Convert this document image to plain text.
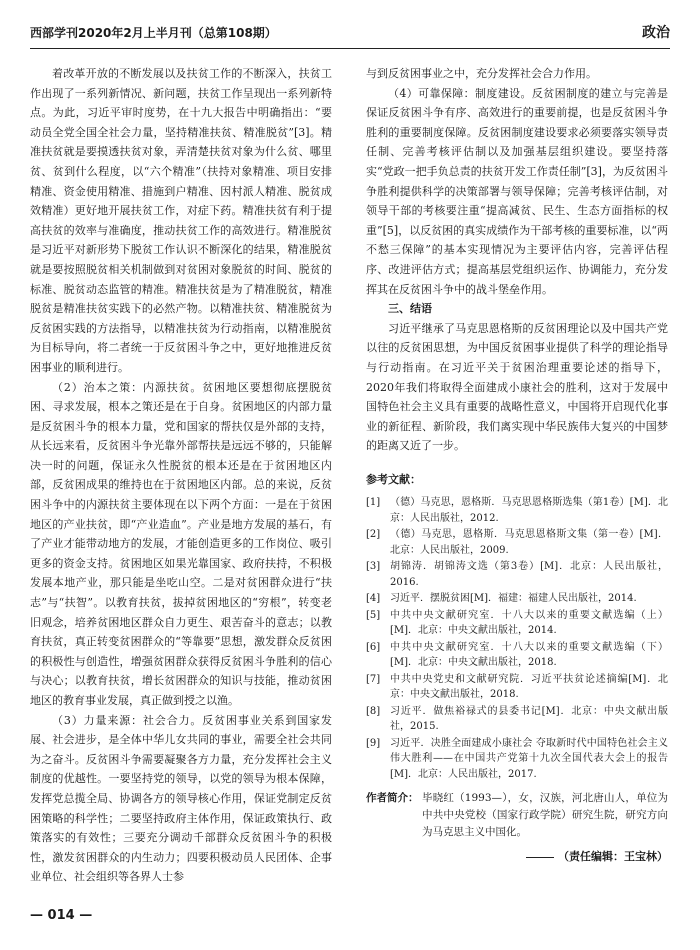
西部学刊2020年2月上半月刊（总第108期）	政治

着改革开放的不断发展以及扶贫工作的不断深入，扶贫工作出现了一系列新情况、新问题，扶贫工作呈现出一系列新特点。为此，习近平审时度势，在十九大报告中明确指出：“要动员全党全国全社会力量，坚持精准扶贫、精准脱贫”[3]。精准扶贫就是要摸透扶贫对象，弄清楚扶贫对象为什么贫、哪里贫、贫到什么程度，以“六个精准”（扶持对象精准、项目安排精准、资金使用精准、措施到户精准、因村派人精准、脱贫成效精准）更好地开展扶贫工作，对症下药。精准扶贫有利于提高扶贫的效率与准确度，推动扶贫工作的高效进行。精准脱贫是习近平对新形势下脱贫工作认识不断深化的结果，精准脱贫就是要按照脱贫相关机制做到对贫困对象脱贫的时间、脱贫的标准、脱贫动态监管的精准。精准扶贫是为了精准脱贫，精准脱贫是精准扶贫实践下的必然产物。以精准扶贫、精准脱贫为反贫困实践的方法指导，以精准扶贫为行动指南，以精准脱贫为目标导向，将二者统一于反贫困斗争之中，更好地推进反贫困事业的顺利进行。

（2）治本之策：内源扶贫。贫困地区要想彻底摆脱贫困、寻求发展，根本之策还是在于自身。贫困地区的内部力量是反贫困斗争的根本力量，党和国家的帮扶仅是外部的支持，从长远来看，反贫困斗争光靠外部帮扶是远远不够的，只能解决一时的问题，保证永久性脱贫的根本还是在于贫困地区内部，反贫困成果的维持也在于贫困地区内部。总的来说，反贫困斗争中的内源扶贫主要体现在以下两个方面：一是在于贫困地区的产业扶贫，即“产业造血”。产业是地方发展的基石，有了产业才能带动地方的发展，才能创造更多的工作岗位、吸引更多的资金支持。贫困地区如果光靠国家、政府扶持，不积极发展本地产业，那只能是坐吃山空。二是对贫困群众进行“扶志”与“扶智”。以教育扶贫，拔掉贫困地区的“穷根”，转变老旧观念，培养贫困地区群众自力更生、艰苦奋斗的意志；以教育扶贫，真正转变贫困群众的“等靠要”思想，激发群众反贫困的积极性与创造性，增强贫困群众获得反贫困斗争胜利的信心与决心；以教育扶贫，增长贫困群众的知识与技能，推动贫困地区的教育事业发展，真正做到授之以渔。

（3）力量来源：社会合力。反贫困事业关系到国家发展、社会进步，是全体中华儿女共同的事业，需要全社会共同为之奋斗。反贫困斗争需要凝聚各方力量，充分发挥社会主义制度的优越性。一要坚持党的领导，以党的领导为根本保障，发挥党总揽全局、协调各方的领导核心作用，保证党制定反贫困策略的科学性；二要坚持政府主体作用，保证政策执行、政策落实的有效性；三要充分调动千部群众反贫困斗争的积极性，激发贫困群众的内生动力；四要积极动员人民团体、企事业单位、社会组织等各界人士参

与到反贫困事业之中，充分发挥社会合力作用。

（4）可靠保障：制度建设。反贫困制度的建立与完善是保证反贫困斗争有序、高效进行的重要前提，也是反贫困斗争胜利的重要制度保障。反贫困制度建设要求必须要落实领导责任制、完善考核评估制以及加强基层组织建设。要坚持落实“党政一把手负总责的扶贫开发工作责任制”[3]，为反贫困斗争胜利提供科学的决策部署与领导保障；完善考核评估制，对领导干部的考核要注重“提高减贫、民生、生态方面指标的权重”[5]，以反贫困的真实成绩作为干部考核的重要标准，以“两不愁三保障”的基本实现情况为主要评估内容，完善评估程序、改进评估方式；提高基层党组织运作、协调能力，充分发挥其在反贫困斗争中的战斗堡垒作用。

三、结语

习近平继承了马克思恩格斯的反贫困理论以及中国共产党以往的反贫困思想，为中国反贫困事业提供了科学的理论指导与行动指南。在习近平关于贫困治理重要论述的指导下，2020年我们将取得全面建成小康社会的胜利，这对于发展中国特色社会主义具有重要的战略性意义，中国将开启现代化事业的新征程、新阶段，我们离实现中华民族伟大复兴的中国梦的距离又近了一步。

参考文献：
[1] （德）马克思，恩格斯．马克思恩格斯选集（第1卷）[M]．北京：人民出版社，2012.
[2] （德）马克思，恩格斯．马克思恩格斯文集（第一卷）[M]．北京：人民出版社，2009.
[3] 胡锦涛．胡锦涛文选（第3卷）[M]．北京：人民出版社，2016.
[4] 习近平．摆脱贫困[M]．福建：福建人民出版社，2014.
[5] 中共中央文献研究室．十八大以来的重要文献选编（上）[M]．北京：中央文献出版社，2014.
[6] 中共中央文献研究室．十八大以来的重要文献选编（下）[M]．北京：中央文献出版社，2018.
[7] 中共中央党史和文献研究院．习近平扶贫论述摘编[M]．北京：中央文献出版社，2018.
[8] 习近平．做焦裕禄式的县委书记[M]．北京：中央文献出版社，2015.
[9] 习近平．决胜全面建成小康社会 夺取新时代中国特色社会主义伟大胜利——在中国共产党第十九次全国代表大会上的报告[M]．北京：人民出版社，2017.
作者简介： 毕晓红（1993—），女，汉族，河北唐山人，单位为中共中央党校（国家行政学院）研究生院，研究方向为马克思主义中国化。
（责任编辑：王宝林）
— 014 —
